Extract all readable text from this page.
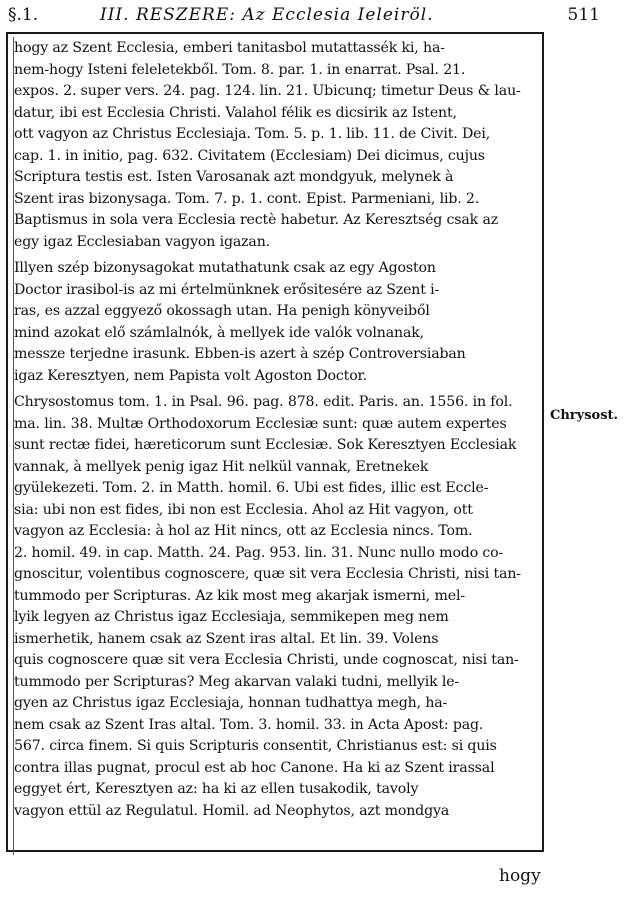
§.1.	III. RESZERE: Az Ecclesia Ieleiröl.	511
hogy az Szent Ecclesia, emberi tanitasbol mutattassék ki, ha-
nem-hogy Isteni feleletekből. Tom. 8. par. 1. in enarrat. Psal. 21.
expos. 2. super vers. 24. pag. 124. lin. 21. Ubicunq; timetur Deus & lau-
datur, ibi est Ecclesia Christi. Valahol félik es dicsirik az Istent,
ott vagyon az Christus Ecclesiaja. Tom. 5. p. 1. lib. 11. de Civit. Dei,
cap. 1. in initio, pag. 632. Civitatem (Ecclesiam) Dei dicimus, cujus
Scriptura testis est. Isten Varosanak azt mondgyuk, melynek à
Szent iras bizonysaga. Tom. 7. p. 1. cont. Epist. Parmeniani, lib. 2.
Baptismus in sola vera Ecclesia rectè habetur. Az Keresztség csak az
egy igaz Ecclesiaban vagyon igazan.
Illyen szép bizonysagokat mutathatunk csak az egy Agoston
Doctor irasibol-is az mi értelmünknek erősitesére az Szent i-
ras, es azzal eggyező okossagh utan. Ha penigh könyveiből
mind azokat elő számlalnók, à mellyek ide valók volnanak,
messze terjedne irasunk. Ebben-is azert à szép Controversiaban
igaz Keresztyen, nem Papista volt Agoston Doctor.
Chrysostomus tom. 1. in Psal. 96. pag. 878. edit. Paris. an. 1556. in fol.
ma. lin. 38. Multæ Orthodoxorum Ecclesiæ sunt: quæ autem expertes
sunt rectæ fidei, hæreticorum sunt Ecclesiæ. Sok Keresztyen Ecclesiak
vannak, à mellyek penig igaz Hit nelkül vannak, Eretnekek
gyülekezeti. Tom. 2. in Matth. homil. 6. Ubi est fides, illic est Eccle-
sia: ubi non est fides, ibi non est Ecclesia. Ahol az Hit vagyon, ott
vagyon az Ecclesia: à hol az Hit nincs, ott az Ecclesia nincs. Tom.
2. homil. 49. in cap. Matth. 24. Pag. 953. lin. 31. Nunc nullo modo co-
gnoscitur, volentibus cognoscere, quæ sit vera Ecclesia Christi, nisi tan-
tummodo per Scripturas. Az kik most meg akarjak ismerni, mel-
lyik legyen az Christus igaz Ecclesiaja, semmikepen meg nem
ismerhetik, hanem csak az Szent iras altal. Et lin. 39. Volens
quis cognoscere quæ sit vera Ecclesia Christi, unde cognoscat, nisi tan-
tummodo per Scripturas? Meg akarvan valaki tudni, mellyik le-
gyen az Christus igaz Ecclesiaja, honnan tudhattya megh, ha-
nem csak az Szent Iras altal. Tom. 3. homil. 33. in Acta Apost: pag.
567. circa finem. Si quis Scripturis consentit, Christianus est: si quis
contra illas pugnat, procul est ab hoc Canone. Ha ki az Szent irassal
eggyet ért, Keresztyen az: ha ki az ellen tusakodik, tavoly
vagyon ettül az Regulatul. Homil. ad Neophytos, azt mondgya
Chrysost.
hogy
